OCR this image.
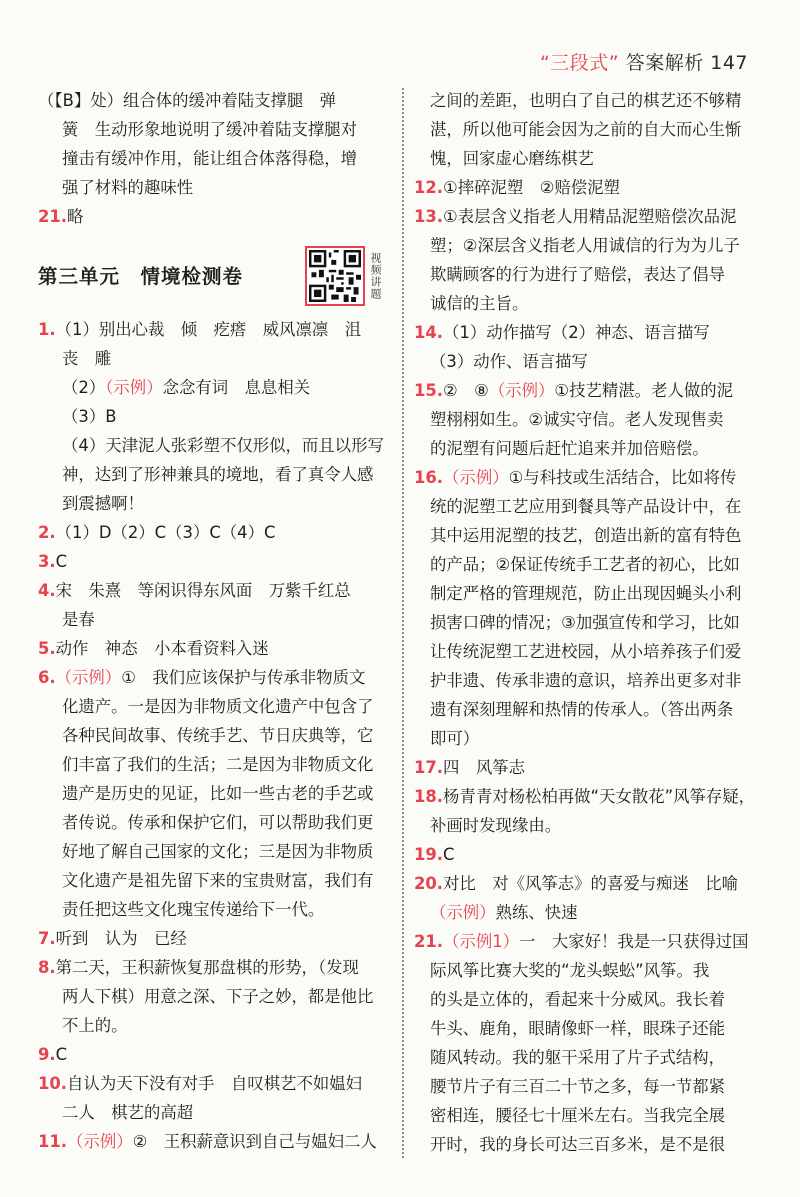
“三段式” 答案解析 147
（【B】处）组合体的缓冲着陆支撑腿　弹
簧　生动形象地说明了缓冲着陆支撑腿对
撞击有缓冲作用，能让组合体落得稳，增
强了材料的趣味性
21.略
第三单元　情境检测卷	视频讲题
1.（1）别出心裁　倾　疙瘩　威风凛凛　沮
丧　雕
（2）（示例）念念有词　息息相关
（3）B
（4）天津泥人张彩塑不仅形似，而且以形写
神，达到了形神兼具的境地，看了真令人感
到震撼啊！
2.（1）D（2）C（3）C（4）C
3.C
4.宋　朱熹　等闲识得东风面　万紫千红总
是春
5.动作　神态　小本看资料入迷
6.（示例）①　我们应该保护与传承非物质文
化遗产。一是因为非物质文化遗产中包含了
各种民间故事、传统手艺、节日庆典等，它
们丰富了我们的生活；二是因为非物质文化
遗产是历史的见证，比如一些古老的手艺或
者传说。传承和保护它们，可以帮助我们更
好地了解自己国家的文化；三是因为非物质
文化遗产是祖先留下来的宝贵财富，我们有
责任把这些文化瑰宝传递给下一代。
7.听到　认为　已经
8.第二天，王积薪恢复那盘棋的形势，（发现
两人下棋）用意之深、下子之妙，都是他比
不上的。
9.C
10.自认为天下没有对手　自叹棋艺不如媪妇
二人　棋艺的高超
11.（示例）②　王积薪意识到自己与媪妇二人
之间的差距，也明白了自己的棋艺还不够精
湛，所以他可能会因为之前的自大而心生惭
愧，回家虚心磨练棋艺
12.①摔碎泥塑　②赔偿泥塑
13.①表层含义指老人用精品泥塑赔偿次品泥
塑；②深层含义指老人用诚信的行为为儿子
欺瞒顾客的行为进行了赔偿，表达了倡导
诚信的主旨。
14.（1）动作描写（2）神态、语言描写
（3）动作、语言描写
15.②　⑧（示例）①技艺精湛。老人做的泥
塑栩栩如生。②诚实守信。老人发现售卖
的泥塑有问题后赶忙追来并加倍赔偿。
16.（示例）①与科技或生活结合，比如将传
统的泥塑工艺应用到餐具等产品设计中，在
其中运用泥塑的技艺，创造出新的富有特色
的产品；②保证传统手工艺者的初心，比如
制定严格的管理规范，防止出现因蝇头小利
损害口碑的情况；③加强宣传和学习，比如
让传统泥塑工艺进校园，从小培养孩子们爱
护非遗、传承非遗的意识，培养出更多对非
遗有深刻理解和热情的传承人。（答出两条
即可）
17.四　风筝志
18.杨青青对杨松柏再做“天女散花”风筝存疑，
补画时发现缘由。
19.C
20.对比　对《风筝志》的喜爱与痴迷　比喻
（示例）熟练、快速
21.（示例1）一　大家好！我是一只获得过国
际风筝比赛大奖的“龙头蜈蚣”风筝。我
的头是立体的，看起来十分威风。我长着
牛头、鹿角，眼睛像虾一样，眼珠子还能
随风转动。我的躯干采用了片子式结构，
腰节片子有三百二十节之多，每一节都紧
密相连，腰径七十厘米左右。当我完全展
开时，我的身长可达三百多米，是不是很
